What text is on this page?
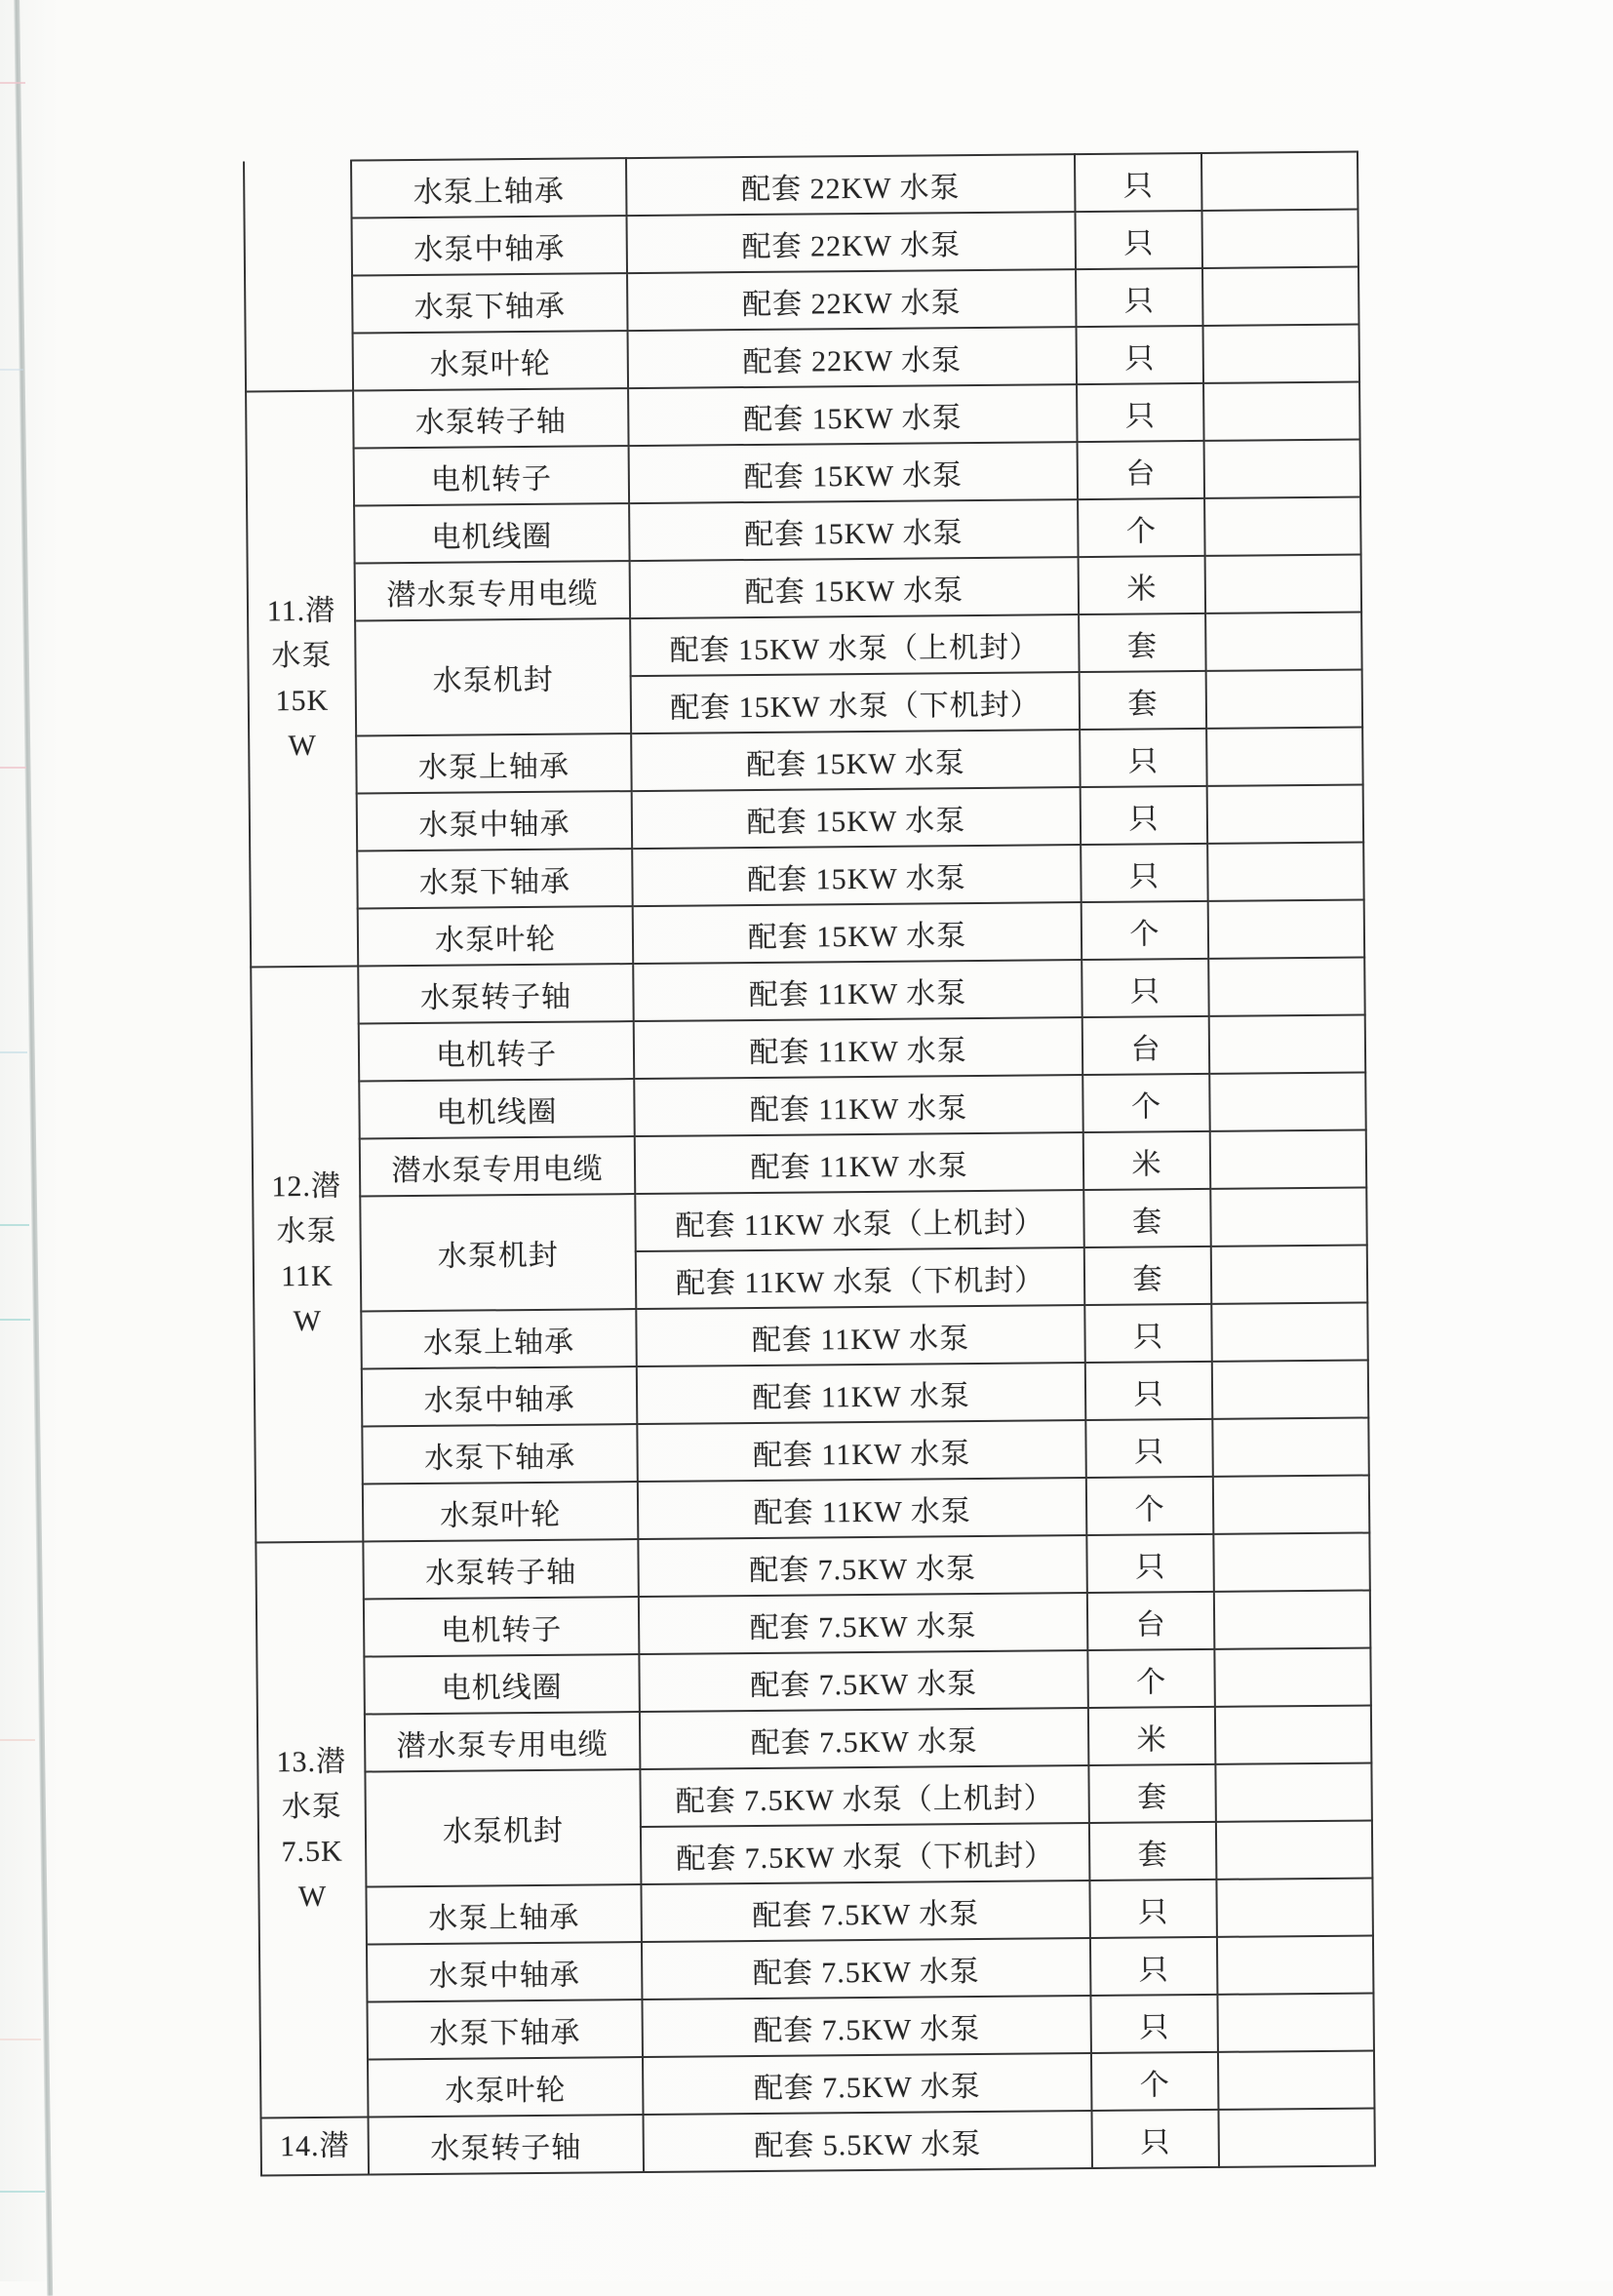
	水泵上轴承	配套 22KW 水泵	只	
	水泵中轴承	配套 22KW 水泵	只	
	水泵下轴承	配套 22KW 水泵	只	
	水泵叶轮	配套 22KW 水泵	只	
11.潜
水泵
15K
W	水泵转子轴	配套 15KW 水泵	只	
	电机转子	配套 15KW 水泵	台	
	电机线圈	配套 15KW 水泵	个	
	潜水泵专用电缆	配套 15KW 水泵	米	
	水泵机封	配套 15KW 水泵（上机封）	套	
		配套 15KW 水泵（下机封）	套	
	水泵上轴承	配套 15KW 水泵	只	
	水泵中轴承	配套 15KW 水泵	只	
	水泵下轴承	配套 15KW 水泵	只	
	水泵叶轮	配套 15KW 水泵	个	
12.潜
水泵
11K
W	水泵转子轴	配套 11KW 水泵	只	
	电机转子	配套 11KW 水泵	台	
	电机线圈	配套 11KW 水泵	个	
	潜水泵专用电缆	配套 11KW 水泵	米	
	水泵机封	配套 11KW 水泵（上机封）	套	
		配套 11KW 水泵（下机封）	套	
	水泵上轴承	配套 11KW 水泵	只	
	水泵中轴承	配套 11KW 水泵	只	
	水泵下轴承	配套 11KW 水泵	只	
	水泵叶轮	配套 11KW 水泵	个	
13.潜
水泵
7.5K
W	水泵转子轴	配套 7.5KW 水泵	只	
	电机转子	配套 7.5KW 水泵	台	
	电机线圈	配套 7.5KW 水泵	个	
	潜水泵专用电缆	配套 7.5KW 水泵	米	
	水泵机封	配套 7.5KW 水泵（上机封）	套	
		配套 7.5KW 水泵（下机封）	套	
	水泵上轴承	配套 7.5KW 水泵	只	
	水泵中轴承	配套 7.5KW 水泵	只	
	水泵下轴承	配套 7.5KW 水泵	只	
	水泵叶轮	配套 7.5KW 水泵	个	
14.潜	水泵转子轴	配套 5.5KW 水泵	只	
